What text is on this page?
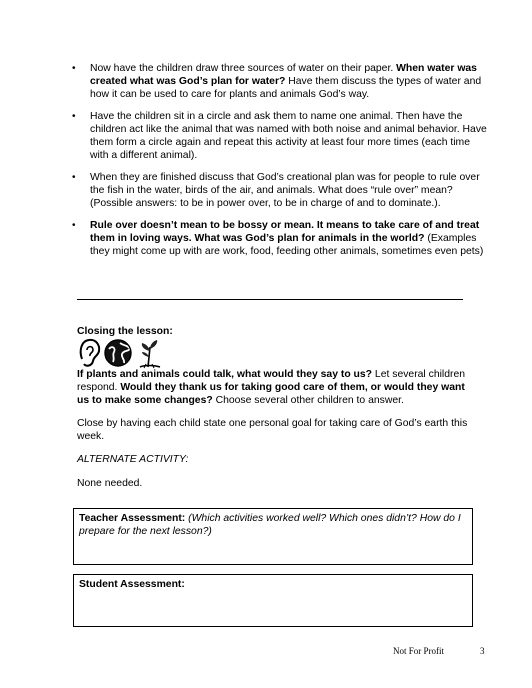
• Now have the children draw three sources of water on their paper. When water was created what was God’s plan for water? Have them discuss the types of water and how it can be used to care for plants and animals God’s way.
• Have the children sit in a circle and ask them to name one animal. Then have the children act like the animal that was named with both noise and animal behavior. Have them form a circle again and repeat this activity at least four more times (each time with a different animal).
• When they are finished discuss that God’s creational plan was for people to rule over the fish in the water, birds of the air, and animals. What does “rule over” mean? (Possible answers: to be in power over, to be in charge of and to dominate.).
• Rule over doesn’t mean to be bossy or mean. It means to take care of and treat them in loving ways. What was God’s plan for animals in the world? (Examples they might come up with are work, food, feeding other animals, sometimes even pets)
Closing the lesson:
If plants and animals could talk, what would they say to us? Let several children respond. Would they thank us for taking good care of them, or would they want us to make some changes? Choose several other children to answer.
Close by having each child state one personal goal for taking care of God’s earth this week.
ALTERNATE ACTIVITY:
None needed.
Teacher Assessment: (Which activities worked well? Which ones didn’t? How do I prepare for the next lesson?)
Student Assessment:
Not For Profit	3
